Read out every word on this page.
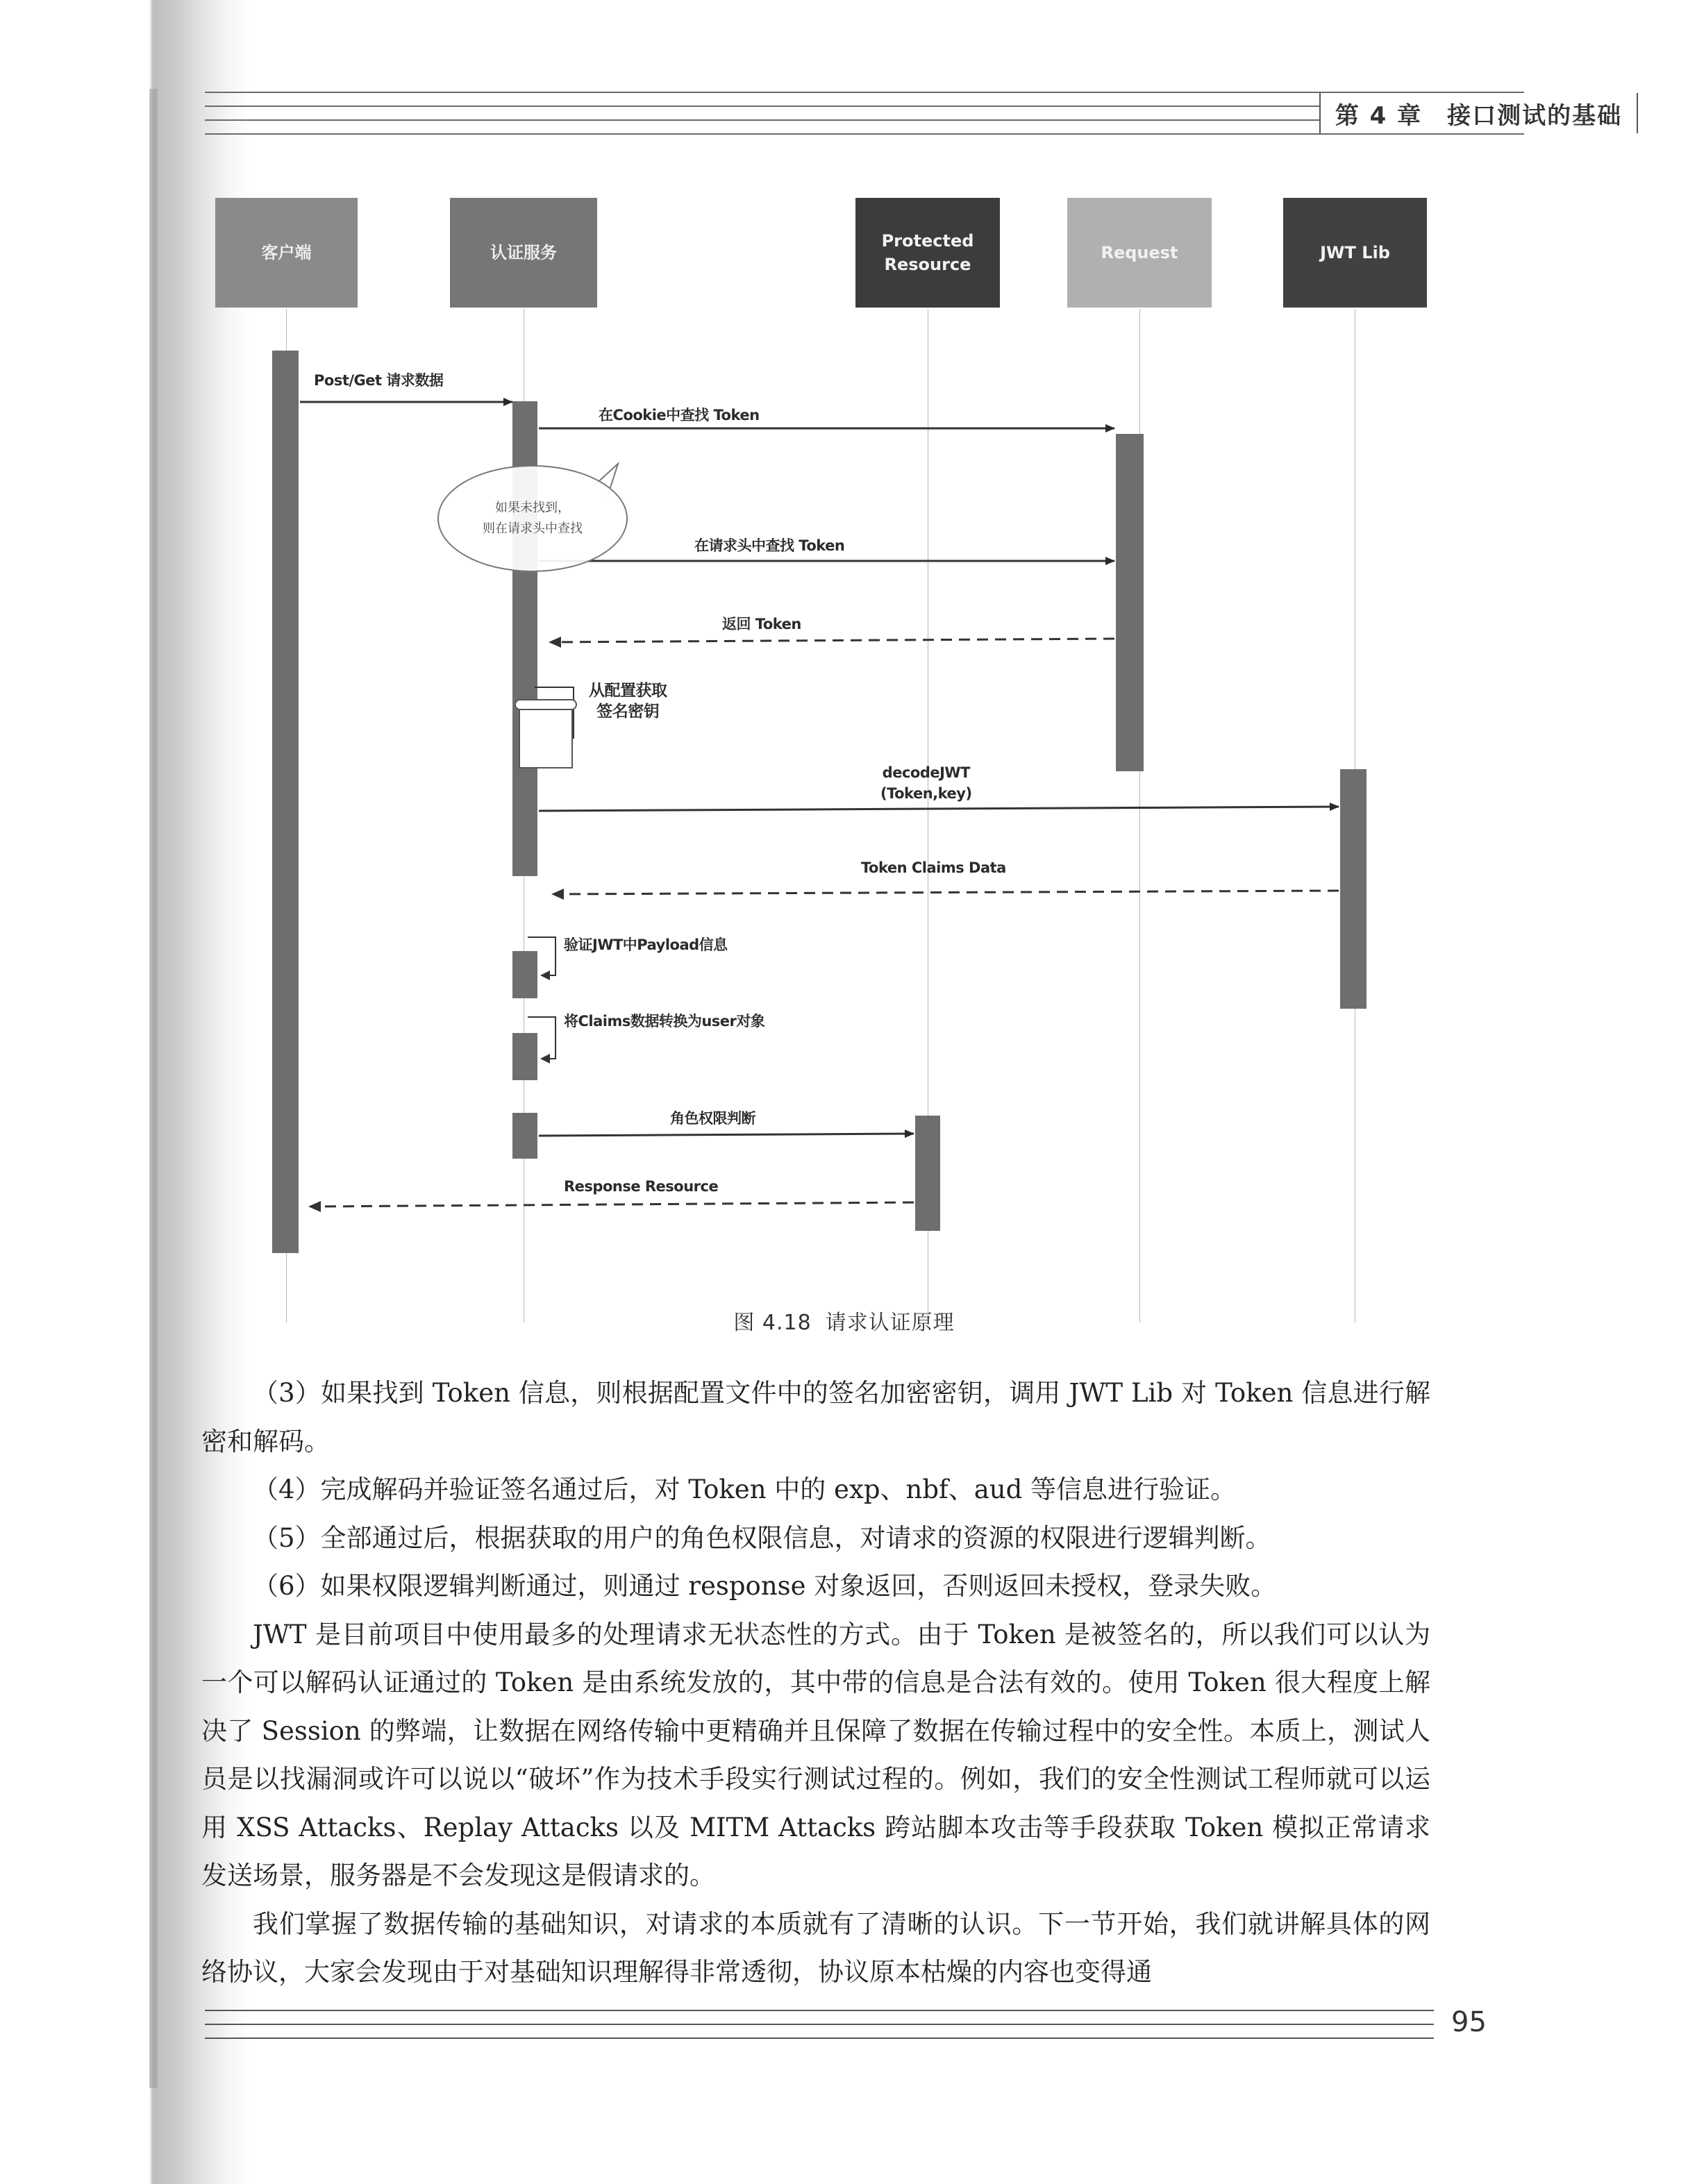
第 4 章 接口测试的基础
客户端	认证服务
Protected
Resource
Request	JWT Lib
如果未找到，
则在请求头中查找
Post/Get 请求数据
在Cookie中查找 Token
在请求头中查找 Token
返回 Token
从配置获取
签名密钥
decodeJWT
(Token,key)
Token Claims Data
验证JWT中Payload信息
将Claims数据转换为user对象
角色权限判断
Response Resource
图 4.18 请求认证原理

（3）如果找到 Token 信息，则根据配置文件中的签名加密密钥，调用 JWT Lib 对 Token 信息进行解密和解码。

（4）完成解码并验证签名通过后，对 Token 中的 exp、nbf、aud 等信息进行验证。

（5）全部通过后，根据获取的用户的角色权限信息，对请求的资源的权限进行逻辑判断。

（6）如果权限逻辑判断通过，则通过 response 对象返回，否则返回未授权，登录失败。

JWT 是目前项目中使用最多的处理请求无状态性的方式。由于 Token 是被签名的，所以我们可以认为一个可以解码认证通过的 Token 是由系统发放的，其中带的信息是合法有效的。使用 Token 很大程度上解决了 Session 的弊端，让数据在网络传输中更精确并且保障了数据在传输过程中的安全性。本质上，测试人员是以找漏洞或许可以说以“破坏”作为技术手段实行测试过程的。例如，我们的安全性测试工程师就可以运用 XSS Attacks、Replay Attacks 以及 MITM Attacks 跨站脚本攻击等手段获取 Token 模拟正常请求发送场景，服务器是不会发现这是假请求的。

我们掌握了数据传输的基础知识，对请求的本质就有了清晰的认识。下一节开始，我们就讲解具体的网络协议，大家会发现由于对基础知识理解得非常透彻，协议原本枯燥的内容也变得通

95
